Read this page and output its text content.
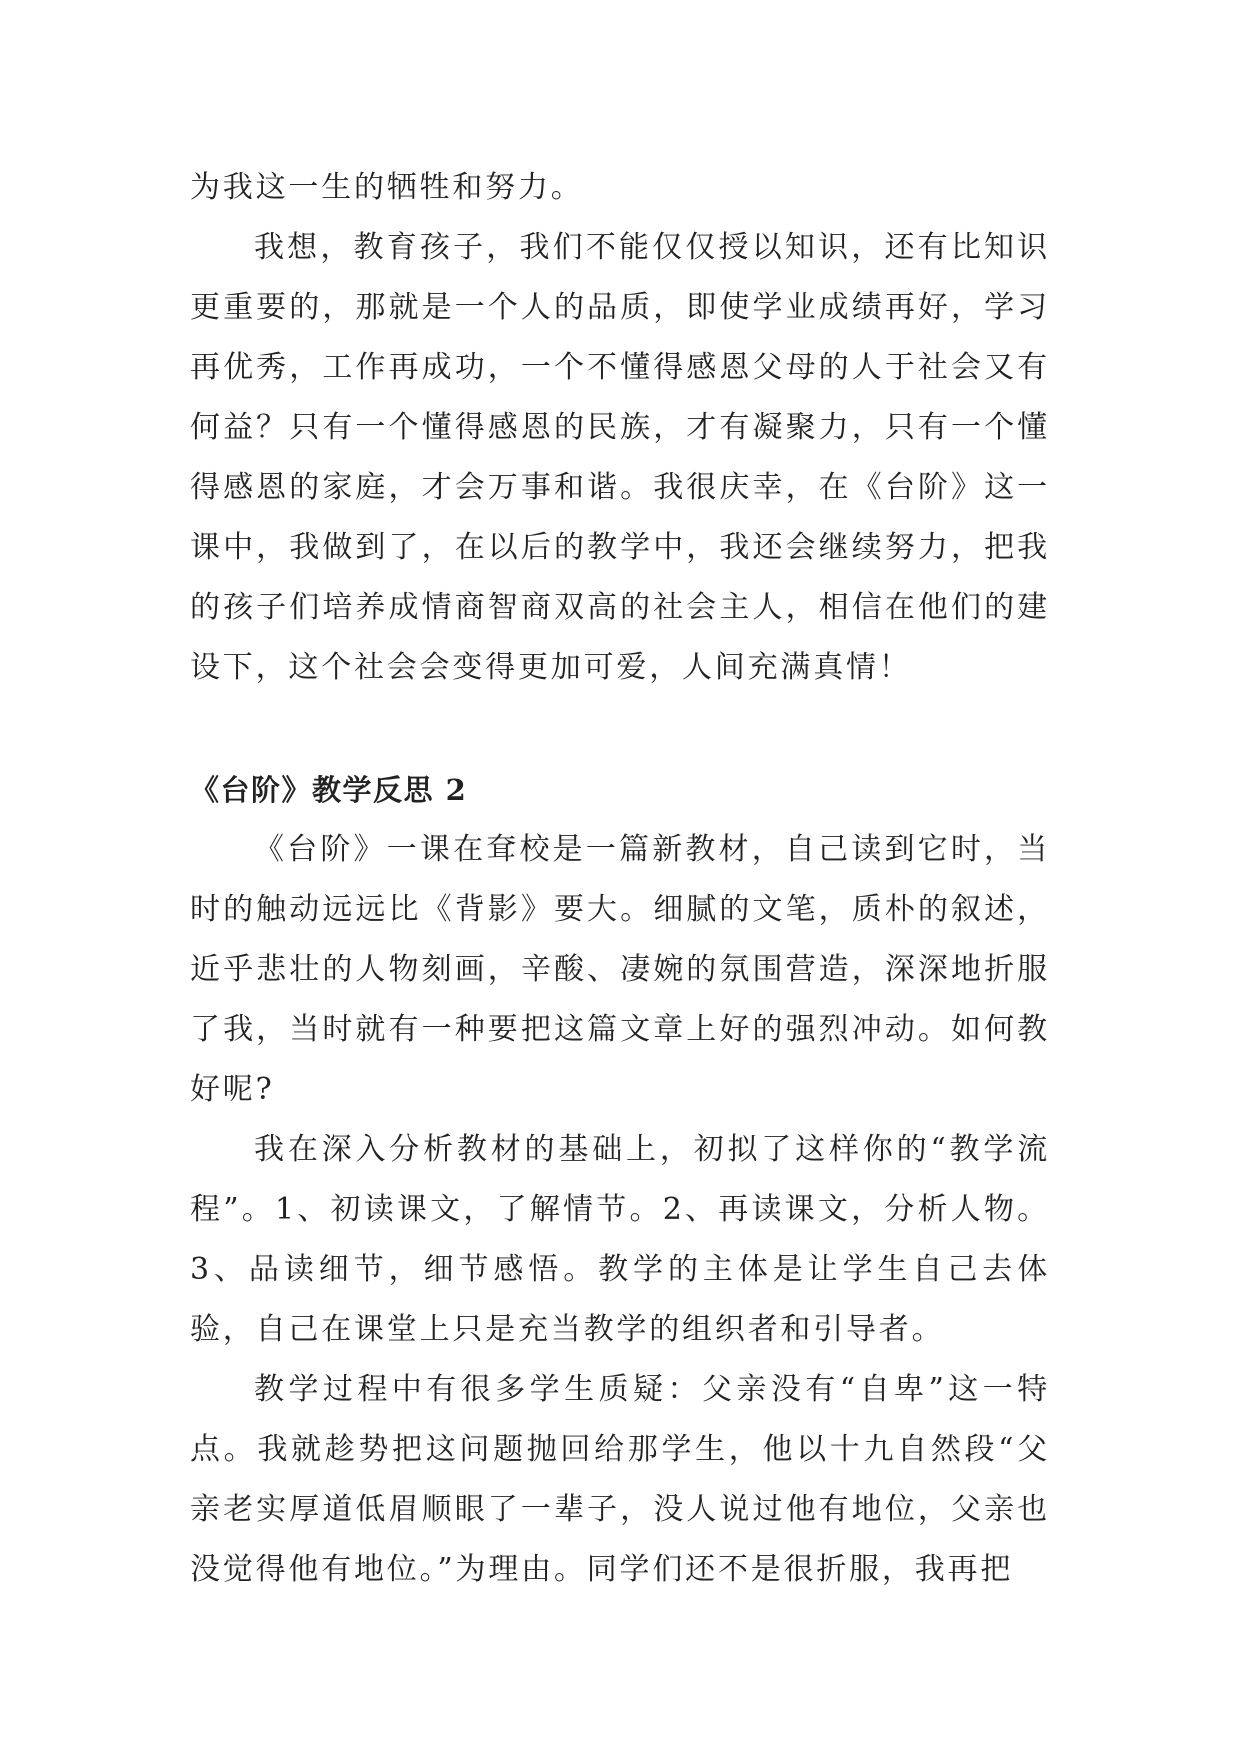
为我这一生的牺牲和努力。

我想，教育孩子，我们不能仅仅授以知识，还有比知识更重要的，那就是一个人的品质，即使学业成绩再好，学习再优秀，工作再成功，一个不懂得感恩父母的人于社会又有何益？只有一个懂得感恩的民族，才有凝聚力，只有一个懂得感恩的家庭，才会万事和谐。我很庆幸，在《台阶》这一课中，我做到了，在以后的教学中，我还会继续努力，把我的孩子们培养成情商智商双高的社会主人，相信在他们的建设下，这个社会会变得更加可爱，人间充满真情！

《台阶》教学反思 2

《台阶》一课在耷校是一篇新教材，自己读到它时，当时的触动远远比《背影》要大。细腻的文笔，质朴的叙述，近乎悲壮的人物刻画，辛酸、凄婉的氛围营造，深深地折服了我，当时就有一种要把这篇文章上好的强烈冲动。如何教好呢?

我在深入分析教材的基础上，初拟了这样你的“教学流程”。1、初读课文，了解情节。2、再读课文，分析人物。3、品读细节，细节感悟。教学的主体是让学生自己去体验，自己在课堂上只是充当教学的组织者和引导者。

教学过程中有很多学生质疑：父亲没有“自卑”这一特点。我就趁势把这问题抛回给那学生，他以十九自然段“父亲老实厚道低眉顺眼了一辈子，没人说过他有地位，父亲也没觉得他有地位。”为理由。同学们还不是很折服，我再把
